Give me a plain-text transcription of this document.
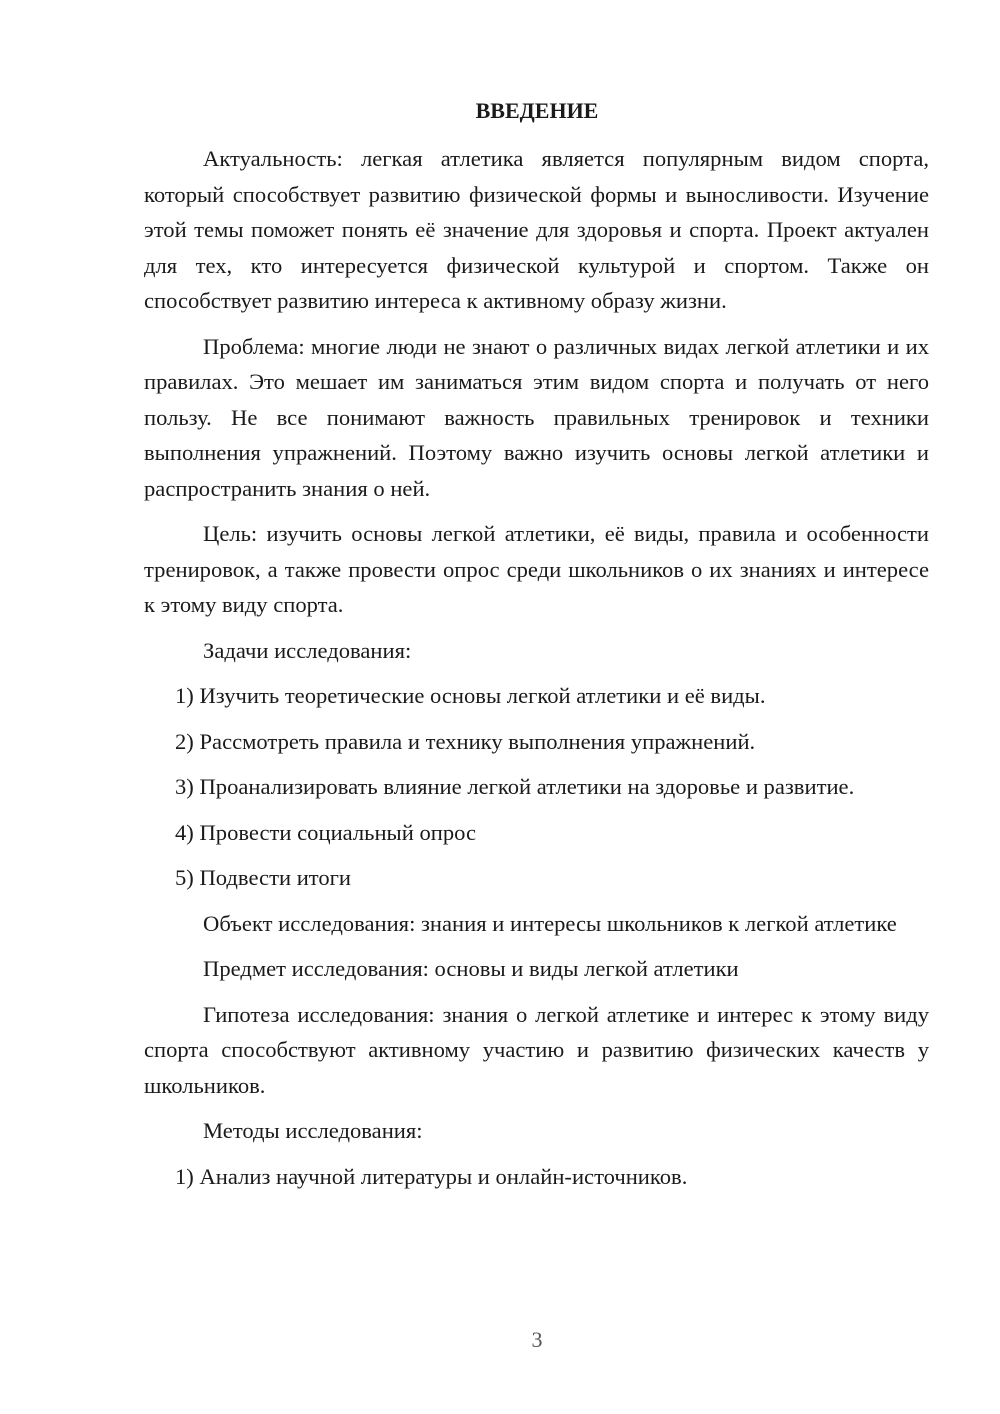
ВВЕДЕНИЕ

Актуальность: легкая атлетика является популярным видом спорта, который способствует развитию физической формы и выносливости. Изучение этой темы поможет понять её значение для здоровья и спорта. Проект актуален для тех, кто интересуется физической культурой и спортом. Также он способствует развитию интереса к активному образу жизни.

Проблема: многие люди не знают о различных видах легкой атлетики и их правилах. Это мешает им заниматься этим видом спорта и получать от него пользу. Не все понимают важность правильных тренировок и техники выполнения упражнений. Поэтому важно изучить основы легкой атлетики и распространить знания о ней.

Цель: изучить основы легкой атлетики, её виды, правила и особенности тренировок, а также провести опрос среди школьников о их знаниях и интересе к этому виду спорта.

Задачи исследования:

1) Изучить теоретические основы легкой атлетики и её виды.

2) Рассмотреть правила и технику выполнения упражнений.

3) Проанализировать влияние легкой атлетики на здоровье и развитие.

4) Провести социальный опрос

5) Подвести итоги

Объект исследования: знания и интересы школьников к легкой атлетике

Предмет исследования: основы и виды легкой атлетики

Гипотеза исследования: знания о легкой атлетике и интерес к этому виду спорта способствуют активному участию и развитию физических качеств у школьников.

Методы исследования:

1) Анализ научной литературы и онлайн-источников.

3
